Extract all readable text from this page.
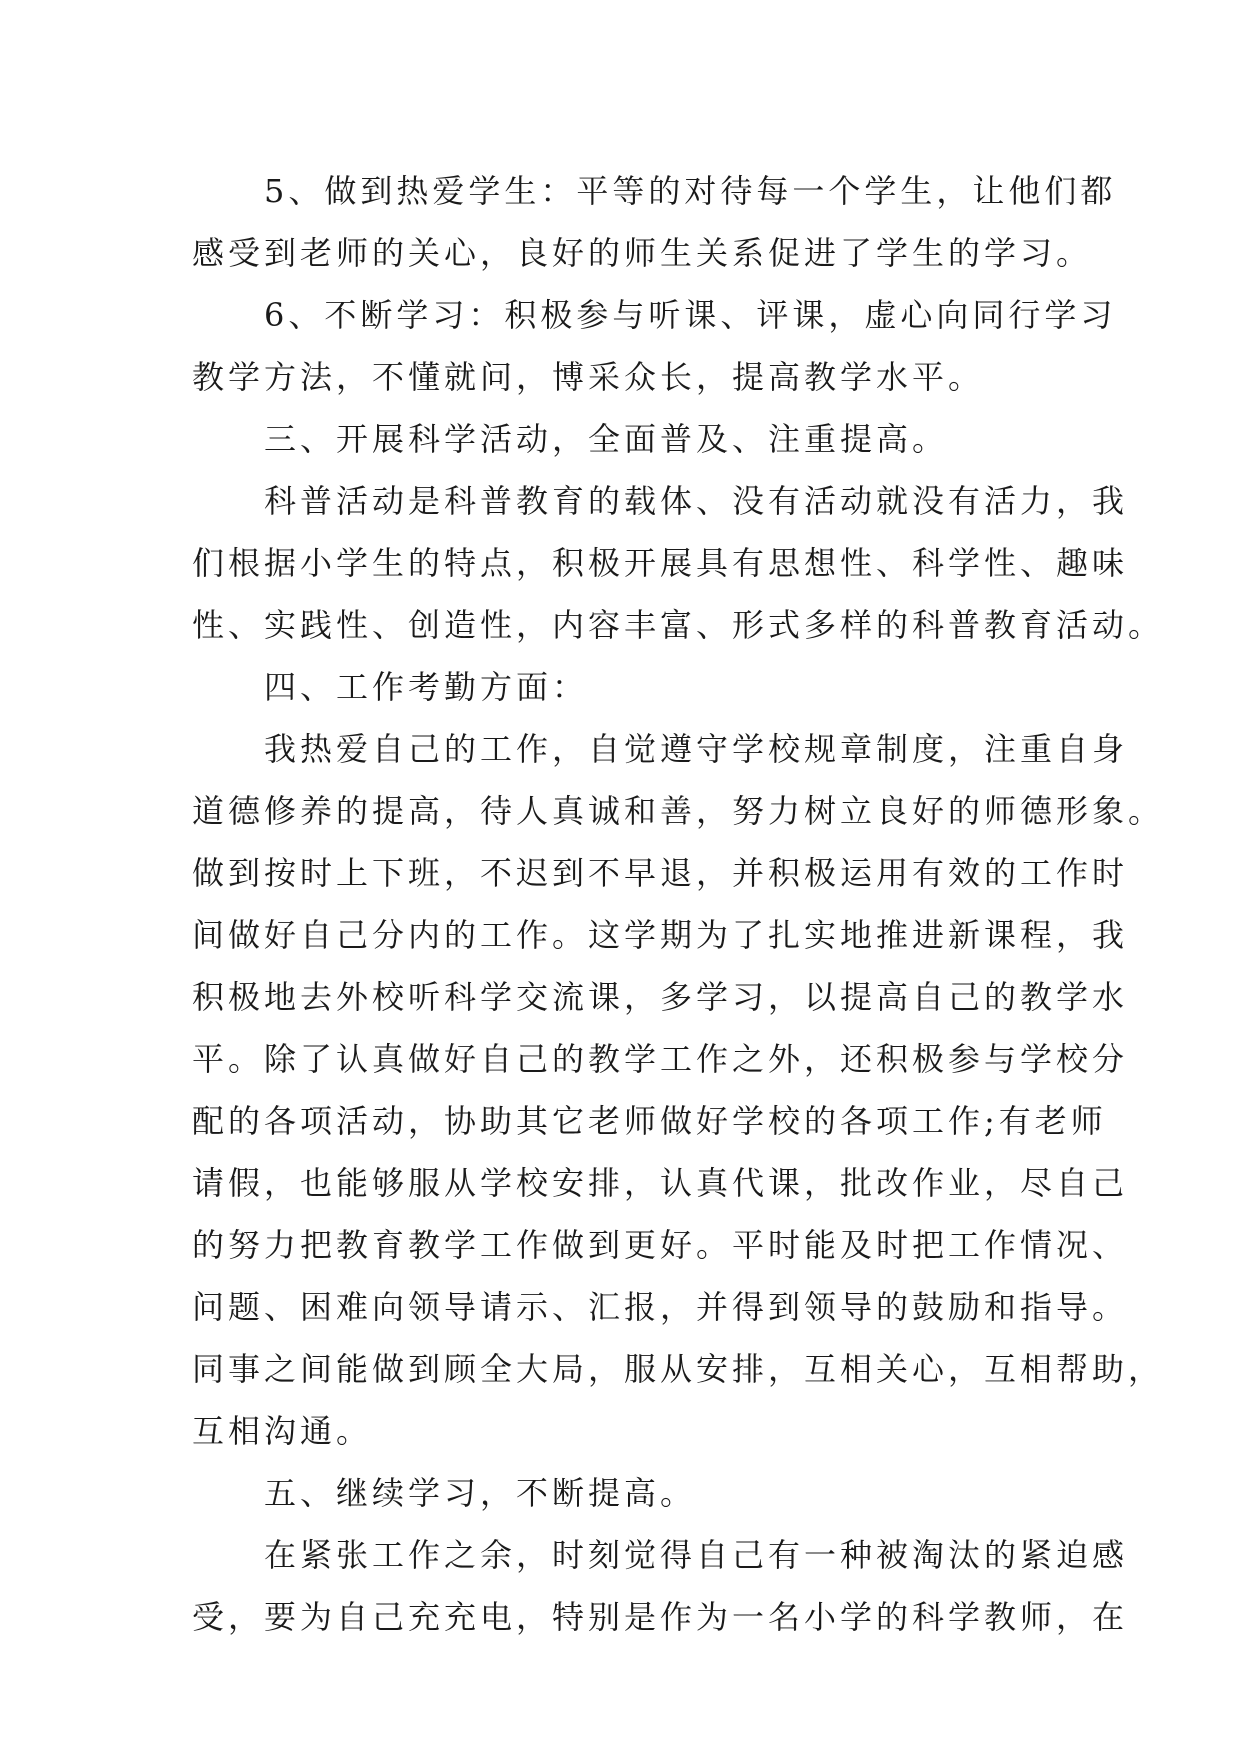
5、做到热爱学生：平等的对待每一个学生，让他们都
感受到老师的关心，良好的师生关系促进了学生的学习。
6、不断学习：积极参与听课、评课，虚心向同行学习
教学方法，不懂就问，博采众长，提高教学水平。
三、开展科学活动，全面普及、注重提高。
科普活动是科普教育的载体、没有活动就没有活力，我
们根据小学生的特点，积极开展具有思想性、科学性、趣味
性、实践性、创造性，内容丰富、形式多样的科普教育活动。
四、工作考勤方面：
我热爱自己的工作，自觉遵守学校规章制度，注重自身
道德修养的提高，待人真诚和善，努力树立良好的师德形象。
做到按时上下班，不迟到不早退，并积极运用有效的工作时
间做好自己分内的工作。这学期为了扎实地推进新课程，我
积极地去外校听科学交流课，多学习，以提高自己的教学水
平。除了认真做好自己的教学工作之外，还积极参与学校分
配的各项活动，协助其它老师做好学校的各项工作;有老师
请假，也能够服从学校安排，认真代课，批改作业，尽自己
的努力把教育教学工作做到更好。平时能及时把工作情况、
问题、困难向领导请示、汇报，并得到领导的鼓励和指导。
同事之间能做到顾全大局，服从安排，互相关心，互相帮助，
互相沟通。
五、继续学习，不断提高。
在紧张工作之余，时刻觉得自己有一种被淘汰的紧迫感
受，要为自己充充电，特别是作为一名小学的科学教师，在
